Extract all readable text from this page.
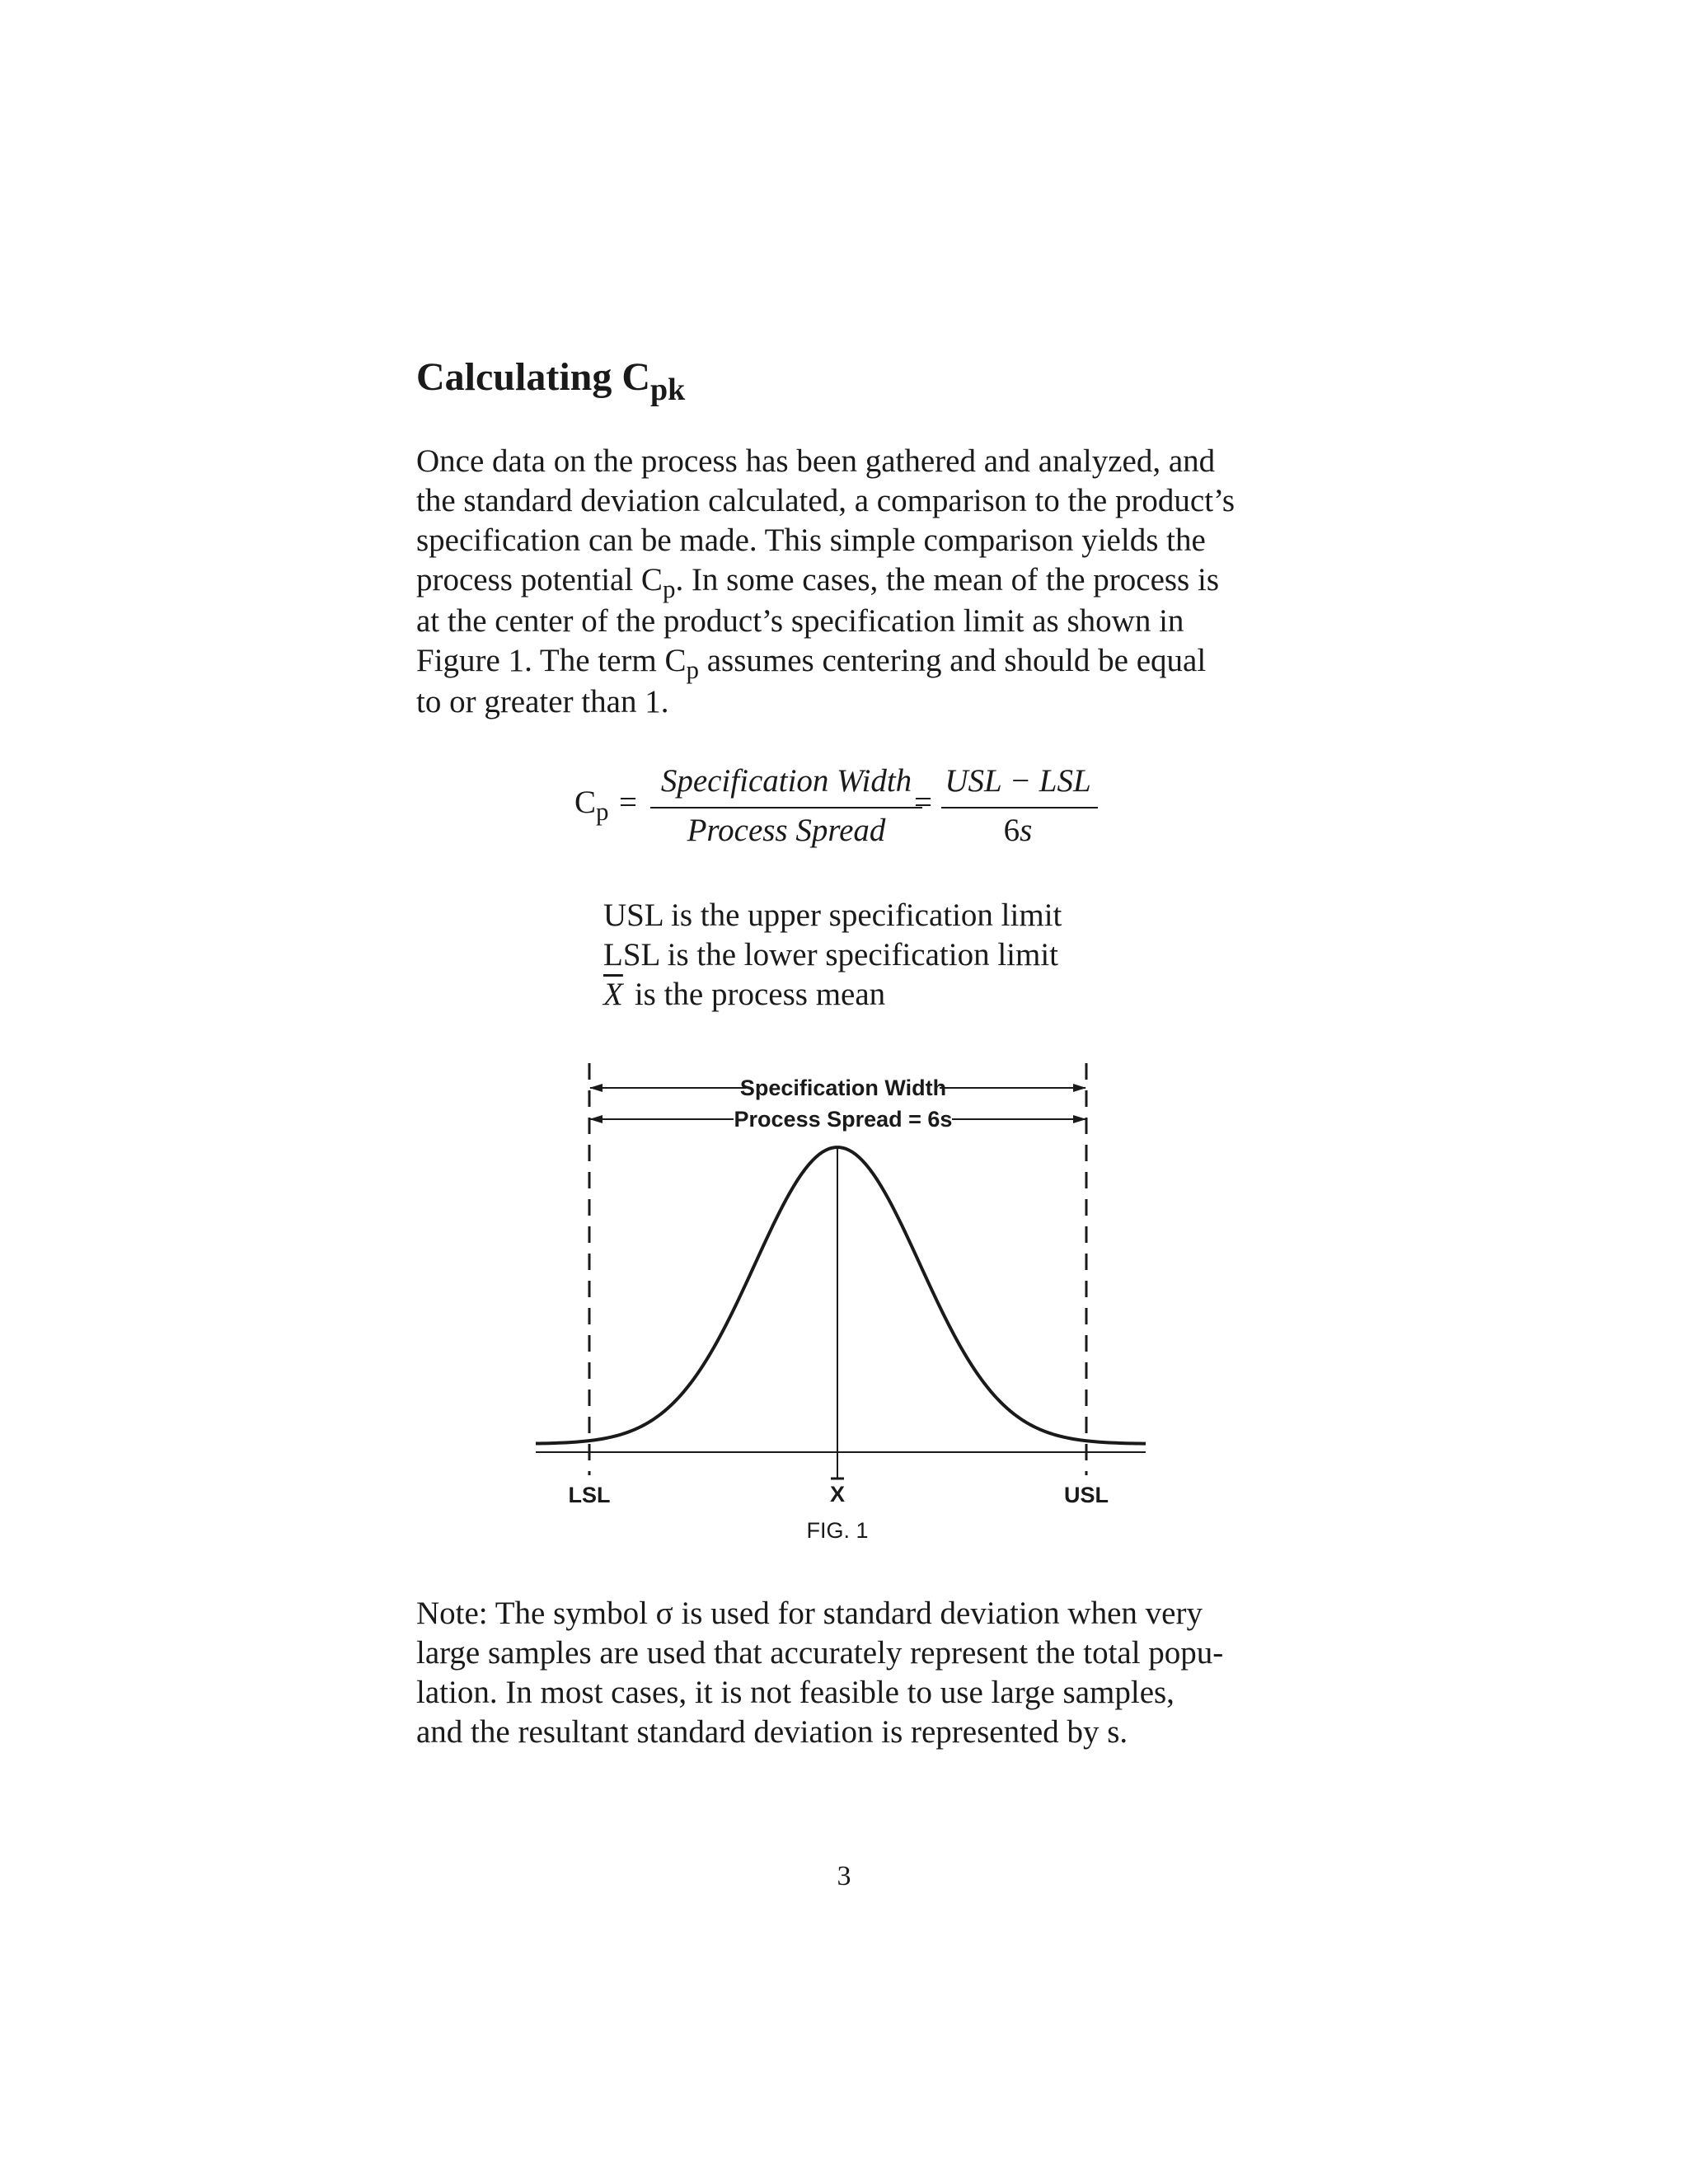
Calculating $C_{pk}$

Once data on the process has been gathered and analyzed, and
the standard deviation calculated, a comparison to the product’s
specification can be made. This simple comparison yields the
process potential $C_p$. In some cases, the mean of the process is
at the center of the product’s specification limit as shown in
Figure 1. The term $C_p$ assumes centering and should be equal
to or greater than 1.

$C_p$ =
Specification Width
Process Spread
=
USL − LSL
6s

USL is the upper specification limit
LSL is the lower specification limit
$\overline{X}$ is the process mean

Specification Width
Process Spread = 6s
LSL	X	USL
FIG. 1

Note: The symbol σ is used for standard deviation when very
large samples are used that accurately represent the total popu-
lation. In most cases, it is not feasible to use large samples,
and the resultant standard deviation is represented by s.

3
